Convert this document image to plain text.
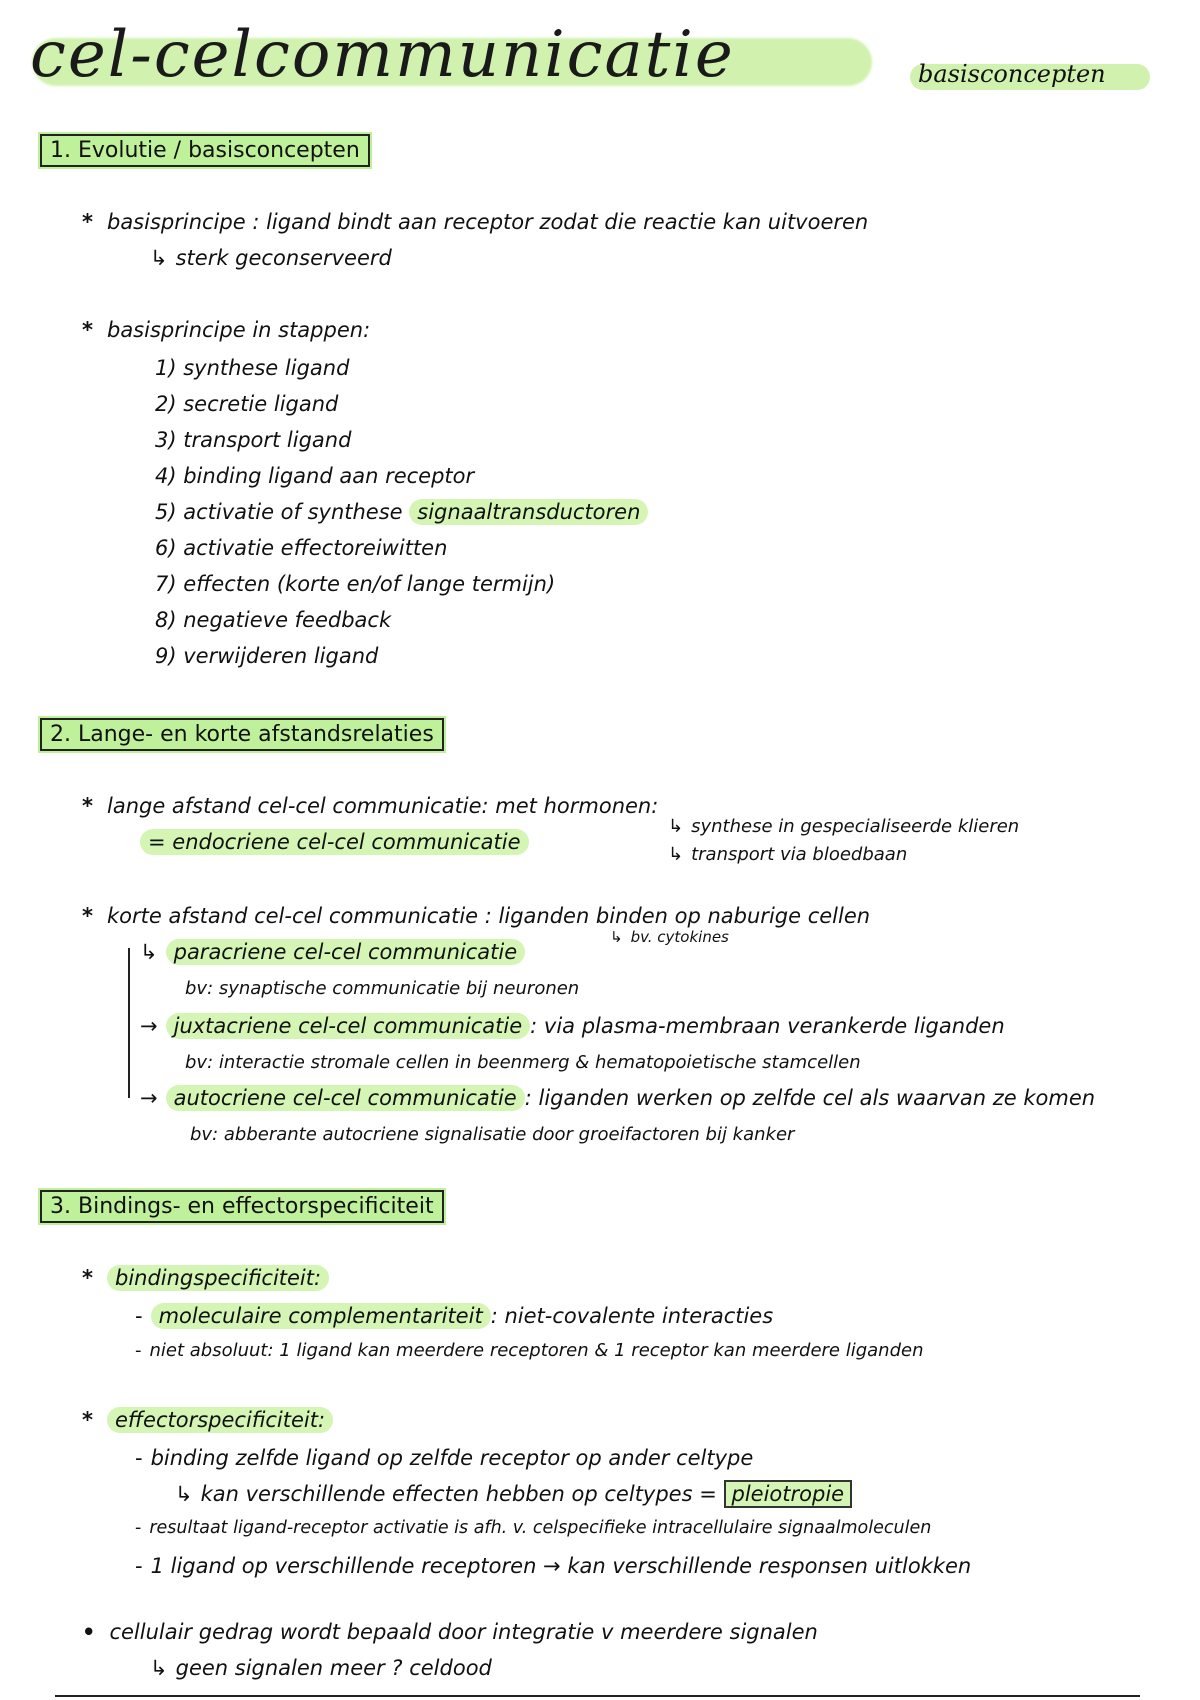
cel-celcommunicatie	basisconcepten
1. Evolutie / basisconcepten
* basisprincipe : ligand bindt aan receptor zodat die reactie kan uitvoeren
↳ sterk geconserveerd
* basisprincipe in stappen:
1) synthese ligand
2) secretie ligand
3) transport ligand
4) binding ligand aan receptor
5) activatie of synthese signaaltransductoren
6) activatie effectoreiwitten
7) effecten (korte en/of lange termijn)
8) negatieve feedback
9) verwijderen ligand
2. Lange- en korte afstandsrelaties
* lange afstand cel-cel communicatie: met hormonen:
= endocriene cel-cel communicatie
↳ synthese in gespecialiseerde klieren
↳ transport via bloedbaan
* korte afstand cel-cel communicatie : liganden binden op naburige cellen
↳ bv. cytokines
↳ paracriene cel-cel communicatie
bv: synaptische communicatie bij neuronen
→ juxtacriene cel-cel communicatie : via plasma-membraan verankerde liganden
bv: interactie stromale cellen in beenmerg & hematopoietische stamcellen
→ autocriene cel-cel communicatie : liganden werken op zelfde cel als waarvan ze komen
bv: abberante autocriene signalisatie door groeifactoren bij kanker
3. Bindings- en effectorspecificiteit
* bindingspecificiteit:
- moleculaire complementariteit : niet-covalente interacties
- niet absoluut: 1 ligand kan meerdere receptoren & 1 receptor kan meerdere liganden
* effectorspecificiteit:
- binding zelfde ligand op zelfde receptor op ander celtype
↳ kan verschillende effecten hebben op celtypes = pleiotropie
- resultaat ligand-receptor activatie is afh. v. celspecifieke intracellulaire signaalmoleculen
- 1 ligand op verschillende receptoren → kan verschillende responsen uitlokken
• cellulair gedrag wordt bepaald door integratie v meerdere signalen
↳ geen signalen meer ? celdood
